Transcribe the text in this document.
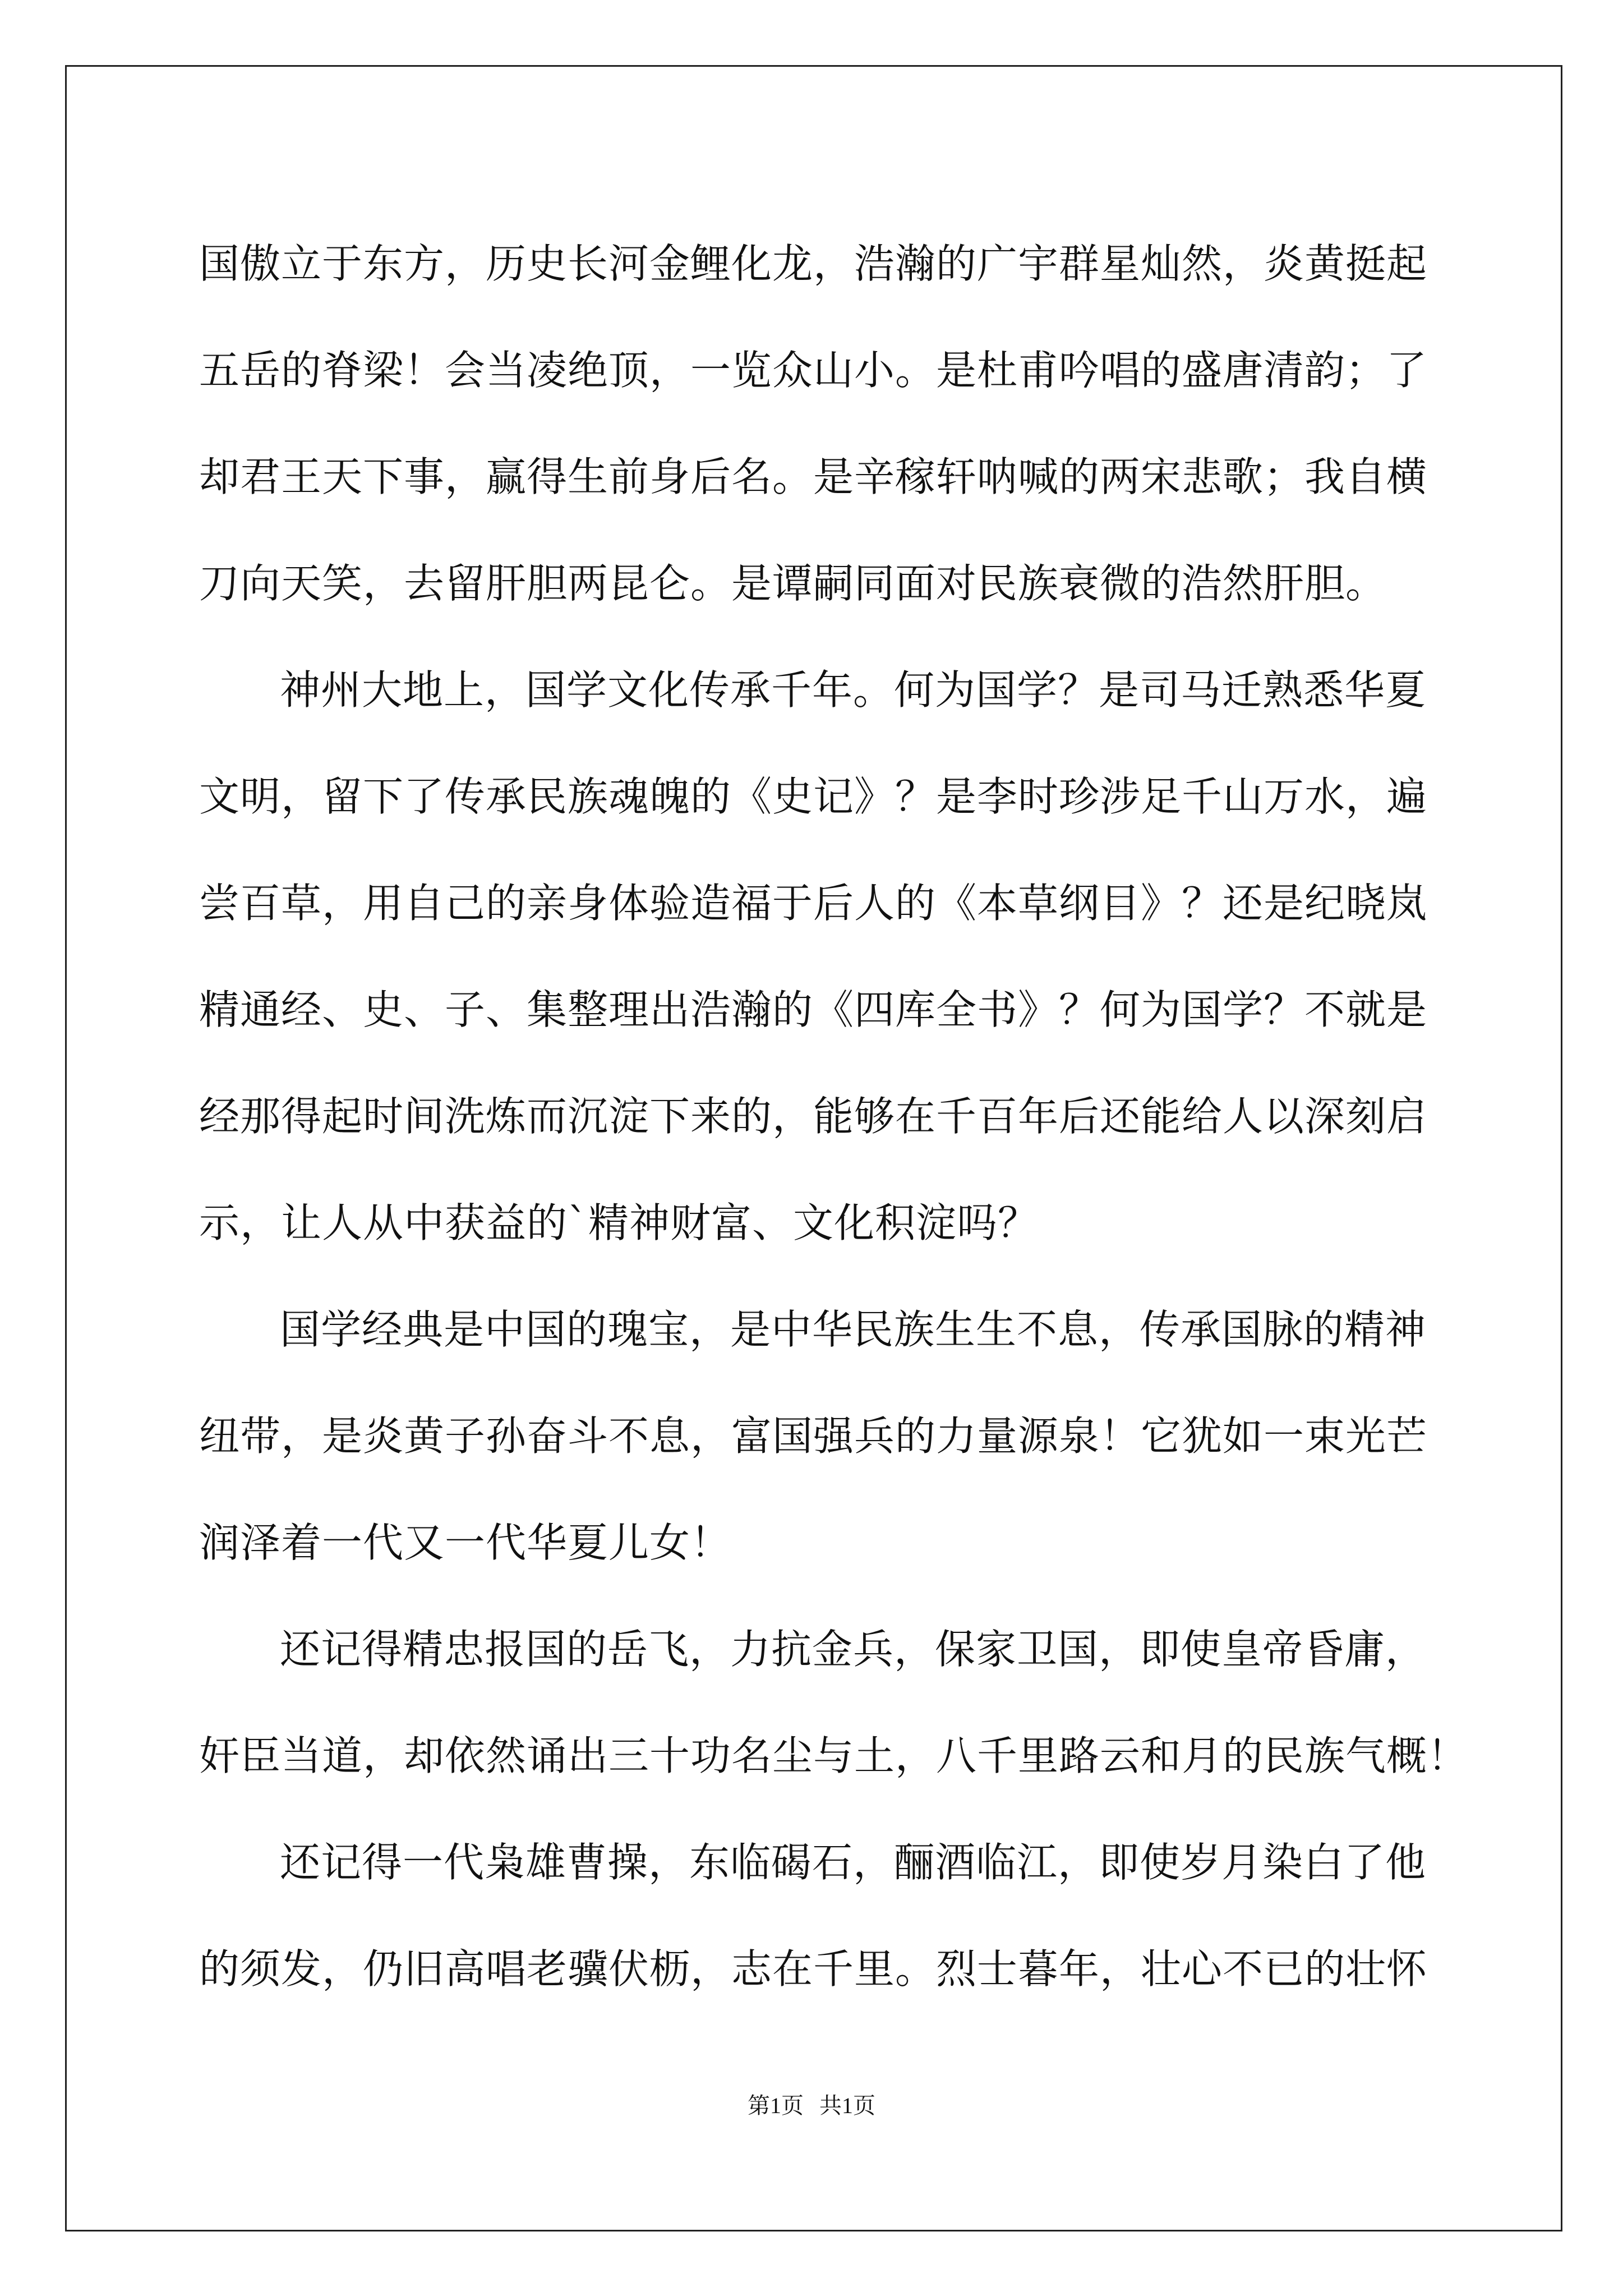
国傲立于东方，历史长河金鲤化龙，浩瀚的广宇群星灿然，炎黄挺起
五岳的脊梁！会当凌绝顶，一览众山小。是杜甫吟唱的盛唐清韵；了
却君王天下事，赢得生前身后名。是辛稼轩呐喊的两宋悲歌；我自横
刀向天笑，去留肝胆两昆仑。是谭嗣同面对民族衰微的浩然肝胆。
神州大地上，国学文化传承千年。何为国学？是司马迁熟悉华夏
文明，留下了传承民族魂魄的《史记》？是李时珍涉足千山万水，遍
尝百草，用自己的亲身体验造福于后人的《本草纲目》？还是纪晓岚
精通经、史、子、集整理出浩瀚的《四库全书》？何为国学？不就是
经那得起时间洗炼而沉淀下来的，能够在千百年后还能给人以深刻启
示，让人从中获益的`精神财富、文化积淀吗？
国学经典是中国的瑰宝，是中华民族生生不息，传承国脉的精神
纽带，是炎黄子孙奋斗不息，富国强兵的力量源泉！它犹如一束光芒
润泽着一代又一代华夏儿女！
还记得精忠报国的岳飞，力抗金兵，保家卫国，即使皇帝昏庸，
奸臣当道，却依然诵出三十功名尘与土，八千里路云和月的民族气概！
还记得一代枭雄曹操，东临碣石，酾酒临江，即使岁月染白了他
的须发，仍旧高唱老骥伏枥，志在千里。烈士暮年，壮心不已的壮怀
第1页 共1页
